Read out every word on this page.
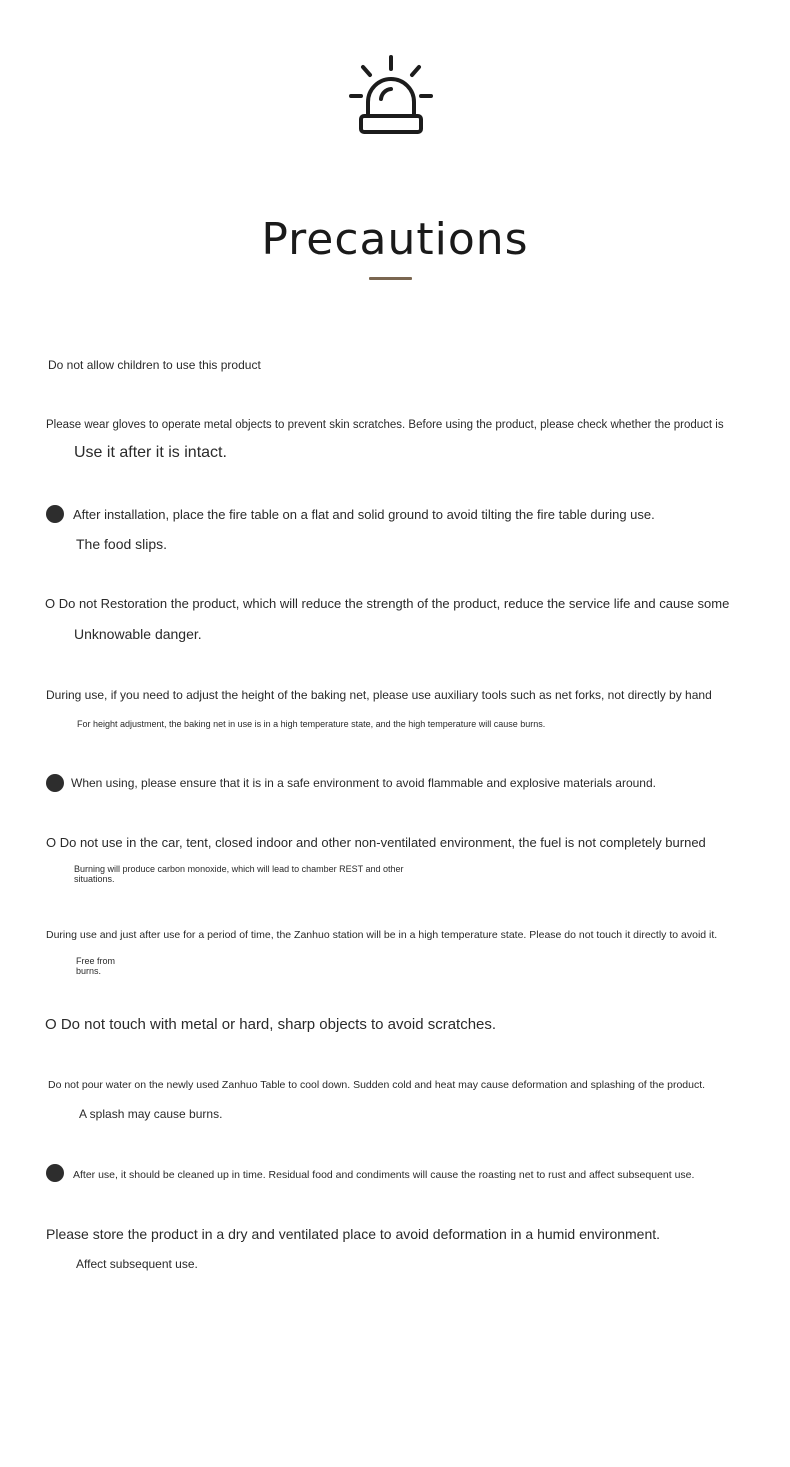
Precautions
Do not allow children to use this product
Please wear gloves to operate metal objects to prevent skin scratches. Before using the product, please check whether the product is
Use it after it is intact.
After installation, place the fire table on a flat and solid ground to avoid tilting the fire table during use.
The food slips.
O Do not Restoration the product, which will reduce the strength of the product, reduce the service life and cause some
Unknowable danger.
During use, if you need to adjust the height of the baking net, please use auxiliary tools such as net forks, not directly by hand
For height adjustment, the baking net in use is in a high temperature state, and the high temperature will cause burns.
When using, please ensure that it is in a safe environment to avoid flammable and explosive materials around.
O Do not use in the car, tent, closed indoor and other non-ventilated environment, the fuel is not completely burned
Burning will produce carbon monoxide, which will lead to chamber REST and other
situations.
During use and just after use for a period of time, the Zanhuo station will be in a high temperature state. Please do not touch it directly to avoid it.
Free from
burns.
O Do not touch with metal or hard, sharp objects to avoid scratches.
Do not pour water on the newly used Zanhuo Table to cool down. Sudden cold and heat may cause deformation and splashing of the product.
A splash may cause burns.
After use, it should be cleaned up in time. Residual food and condiments will cause the roasting net to rust and affect subsequent use.
Please store the product in a dry and ventilated place to avoid deformation in a humid environment.
Affect subsequent use.
